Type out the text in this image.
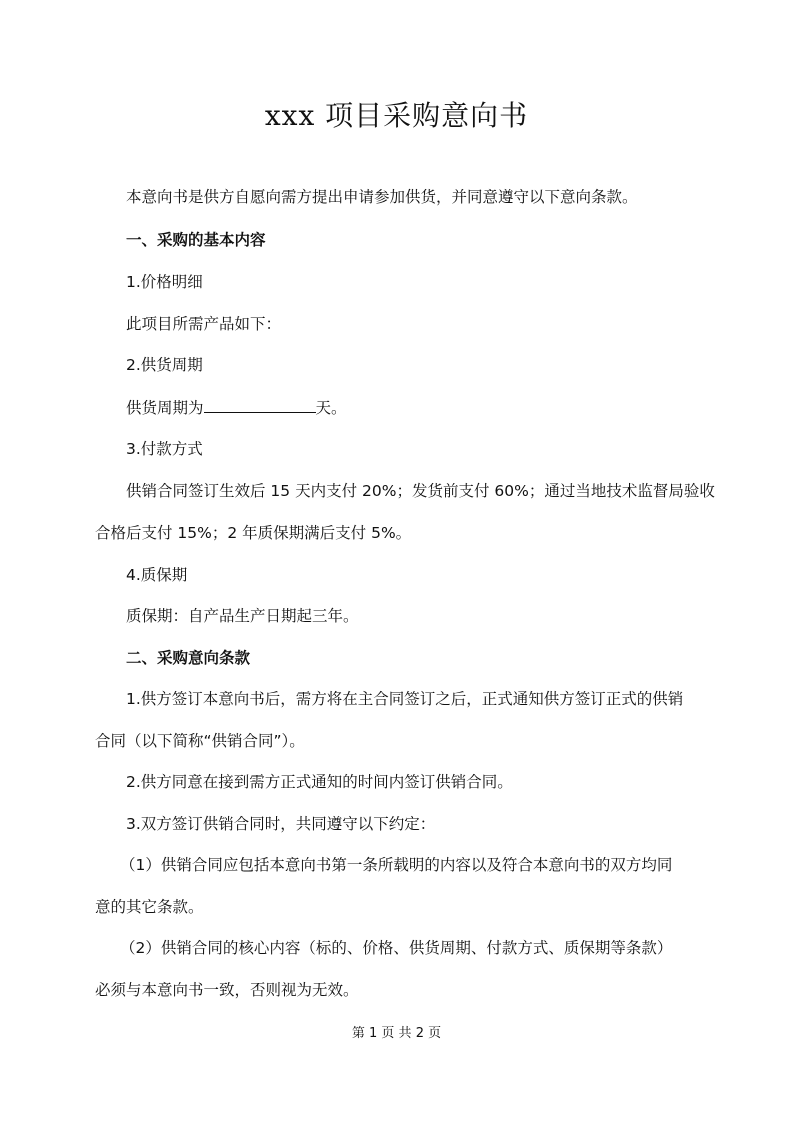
xxx 项目采购意向书
本意向书是供方自愿向需方提出申请参加供货，并同意遵守以下意向条款。
一、采购的基本内容
1.价格明细
此项目所需产品如下：
2.供货周期
供货周期为	天。
3.付款方式
供销合同签订生效后 15 天内支付 20%；发货前支付 60%；通过当地技术监督局验收
合格后支付 15%；2 年质保期满后支付 5%。
4.质保期
质保期：自产品生产日期起三年。
二、采购意向条款
1.供方签订本意向书后，需方将在主合同签订之后，正式通知供方签订正式的供销
合同（以下简称“供销合同”）。
2.供方同意在接到需方正式通知的时间内签订供销合同。
3.双方签订供销合同时，共同遵守以下约定：
（1）供销合同应包括本意向书第一条所载明的内容以及符合本意向书的双方均同
意的其它条款。
（2）供销合同的核心内容（标的、价格、供货周期、付款方式、质保期等条款）
必须与本意向书一致，否则视为无效。
第 1 页 共 2 页
